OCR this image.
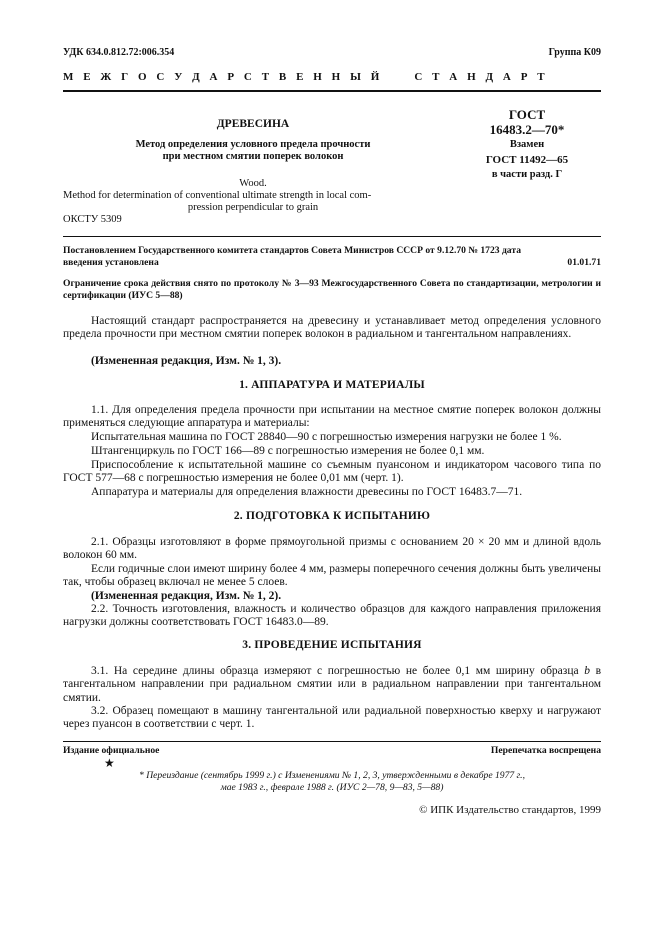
УДК 634.0.812.72:006.354	Группа К09
М Е Ж Г О С У Д А Р С Т В Е Н Н Ы Й     С Т А Н Д А Р Т
ДРЕВЕСИНА
Метод определения условного предела прочности
при местном смятии поперек волокон
Wood.
Method for determination of conventional ultimate strength in local com-
pression perpendicular to grain
ОКСТУ 5309
ГОСТ
16483.2—70*
Взамен
ГОСТ 11492—65
в части разд. Г
Постановлением Государственного комитета стандартов Совета Министров СССР от 9.12.70 № 1723 дата
введения установлена	01.01.71
Ограничение срока действия снято по протоколу № 3—93 Межгосударственного Совета по стандартизации, метрологии и сертификации (ИУС 5—88)
Настоящий стандарт распространяется на древесину и устанавливает метод определения условного предела прочности при местном смятии поперек волокон в радиальном и тангентальном направлениях.
(Измененная редакция, Изм. № 1, 3).
1. АППАРАТУРА И МАТЕРИАЛЫ
1.1. Для определения предела прочности при испытании на местное смятие поперек волокон должны применяться следующие аппаратура и материалы:
Испытательная машина по ГОСТ 28840—90 с погрешностью измерения нагрузки не более 1 %.
Штангенциркуль по ГОСТ 166—89 с погрешностью измерения не более 0,1 мм.
Приспособление к испытательной машине со съемным пуансоном и индикатором часового типа по ГОСТ 577—68 с погрешностью измерения не более 0,01 мм (черт. 1).
Аппаратура и материалы для определения влажности древесины по ГОСТ 16483.7—71.
2. ПОДГОТОВКА К ИСПЫТАНИЮ
2.1. Образцы изготовляют в форме прямоугольной призмы с основанием 20 × 20 мм и длиной вдоль волокон 60 мм.
Если годичные слои имеют ширину более 4 мм, размеры поперечного сечения должны быть увеличены так, чтобы образец включал не менее 5 слоев.
(Измененная редакция, Изм. № 1, 2).
2.2. Точность изготовления, влажность и количество образцов для каждого направления приложения нагрузки должны соответствовать ГОСТ 16483.0—89.
3. ПРОВЕДЕНИЕ ИСПЫТАНИЯ
3.1. На середине длины образца измеряют с погрешностью не более 0,1 мм ширину образца b в тангентальном направлении при радиальном смятии или в радиальном направлении при тангентальном смятии.
3.2. Образец помещают в машину тангентальной или радиальной поверхностью кверху и нагружают через пуансон в соответствии с черт. 1.
Издание официальное	Перепечатка воспрещена
★
* Переиздание (сентябрь 1999 г.) с Изменениями № 1, 2, 3, утвержденными в декабре 1977 г.,
мае 1983 г., феврале 1988 г. (ИУС 2—78, 9—83, 5—88)
© ИПК Издательство стандартов, 1999
